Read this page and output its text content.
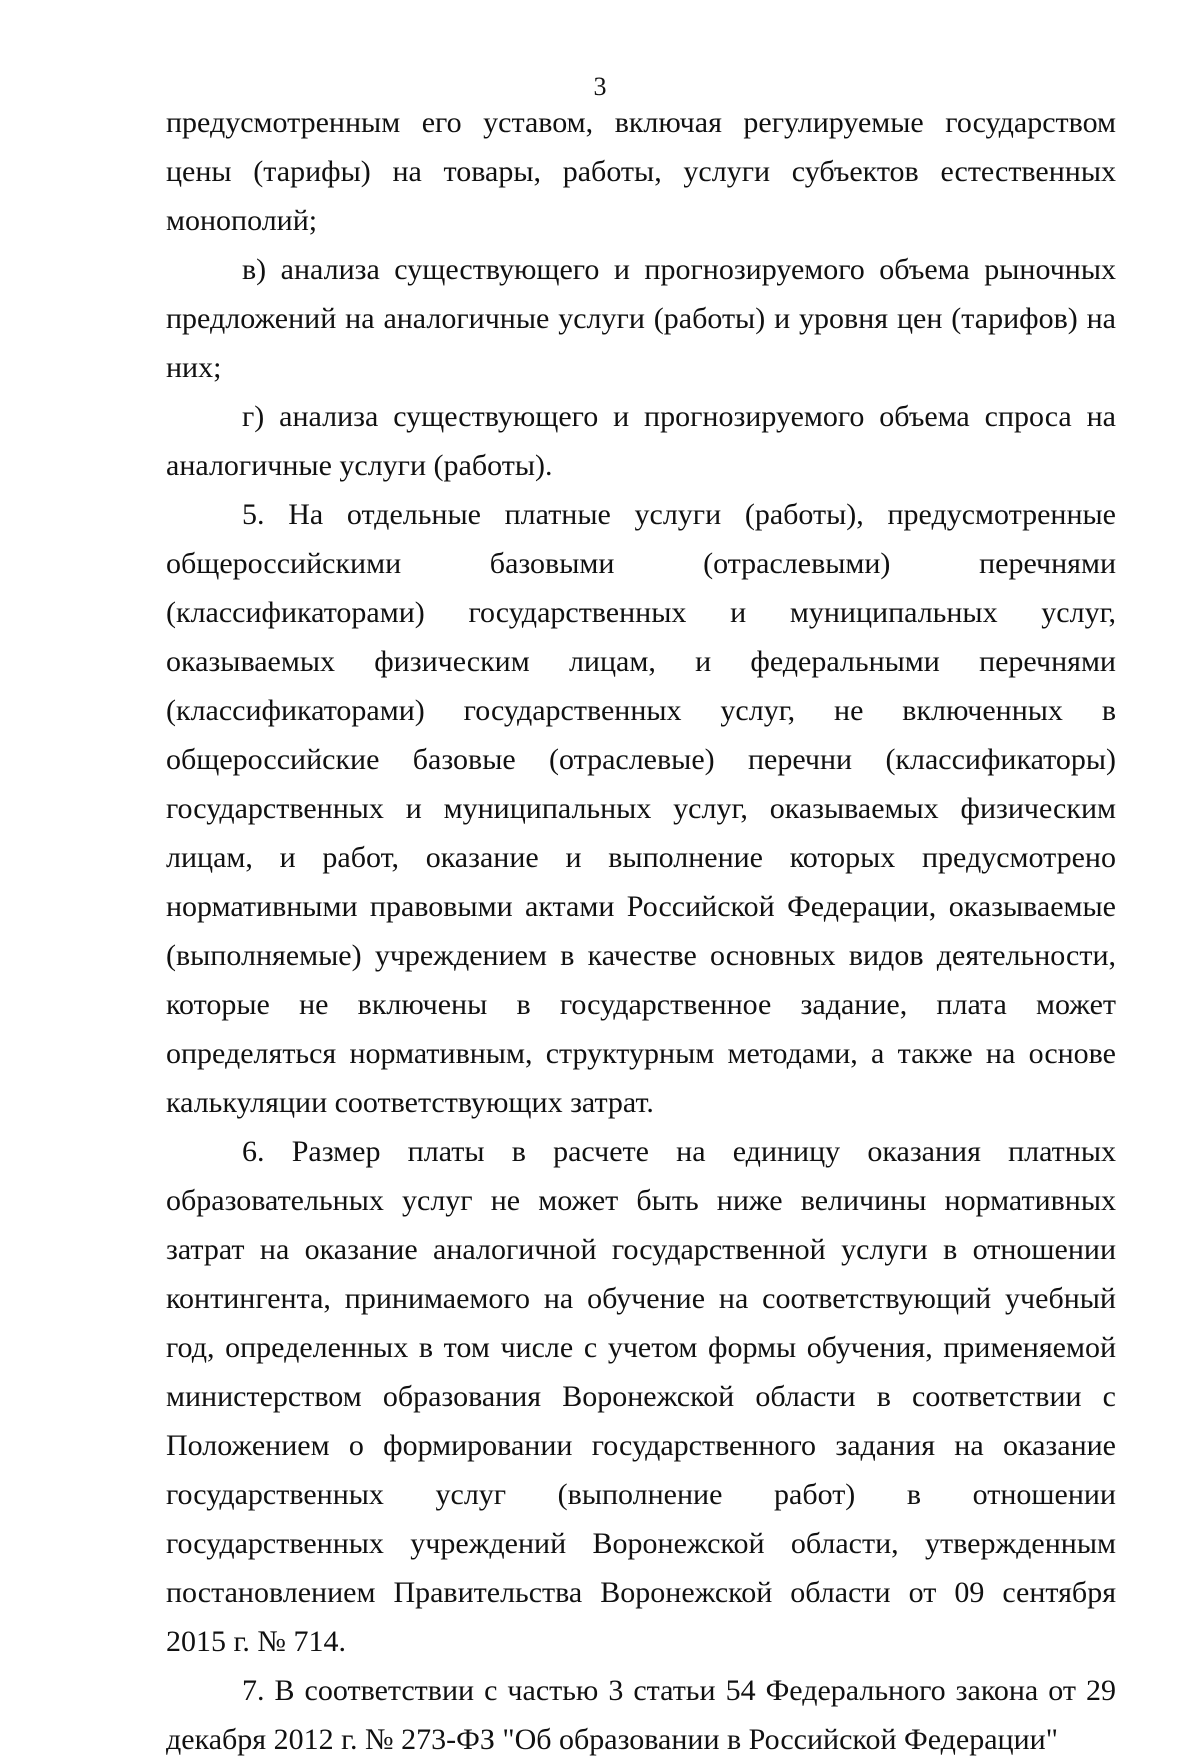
3

предусмотренным его уставом, включая регулируемые государством цены (тарифы) на товары, работы, услуги субъектов естественных монополий;

в) анализа существующего и прогнозируемого объема рыночных предложений на аналогичные услуги (работы) и уровня цен (тарифов) на них;

г) анализа существующего и прогнозируемого объема спроса на аналогичные услуги (работы).

5. На отдельные платные услуги (работы), предусмотренные общероссийскими базовыми (отраслевыми) перечнями (классификаторами) государственных и муниципальных услуг, оказываемых физическим лицам, и федеральными перечнями (классификаторами) государственных услуг, не включенных в общероссийские базовые (отраслевые) перечни (классификаторы) государственных и муниципальных услуг, оказываемых физическим лицам, и работ, оказание и выполнение которых предусмотрено нормативными правовыми актами Российской Федерации, оказываемые (выполняемые) учреждением в качестве основных видов деятельности, которые не включены в государственное задание, плата может определяться нормативным, структурным методами, а также на основе калькуляции соответствующих затрат.

6. Размер платы в расчете на единицу оказания платных образовательных услуг не может быть ниже величины нормативных затрат на оказание аналогичной государственной услуги в отношении контингента, принимаемого на обучение на соответствующий учебный год, определенных в том числе с учетом формы обучения, применяемой министерством образования Воронежской области в соответствии с Положением о формировании государственного задания на оказание государственных услуг (выполнение работ) в отношении государственных учреждений Воронежской области, утвержденным постановлением Правительства Воронежской области от 09 сентября 2015 г. № 714.

7. В соответствии с частью 3 статьи 54 Федерального закона от 29 декабря 2012 г. № 273-ФЗ "Об образовании в Российской Федерации"
